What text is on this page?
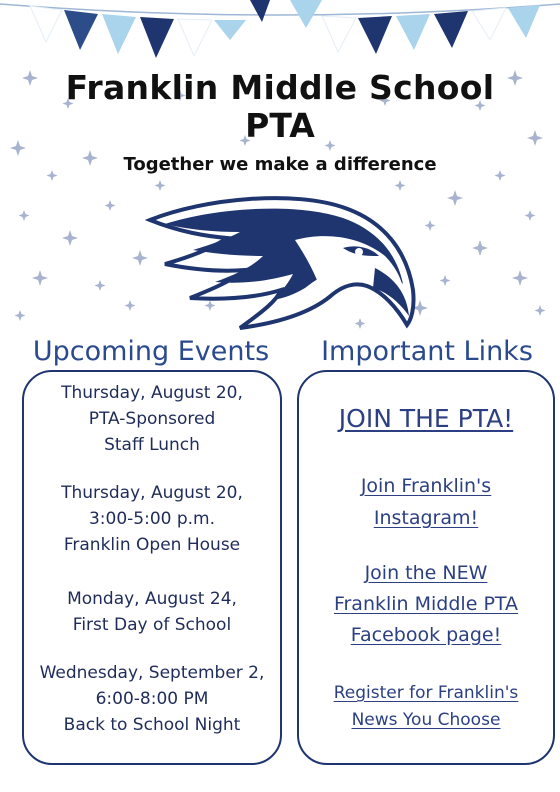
Franklin Middle School
PTA
Together we make a difference
Upcoming Events
Thursday, August 20,
PTA-Sponsored
Staff Lunch
Thursday, August 20,
3:00-5:00 p.m.
Franklin Open House
Monday, August 24,
First Day of School
Wednesday, September 2,
6:00-8:00 PM
Back to School Night
Important Links
JOIN THE PTA!
Join Franklin's
Instagram!
Join the NEW
Franklin Middle PTA
Facebook page!
Register for Franklin's
News You Choose
